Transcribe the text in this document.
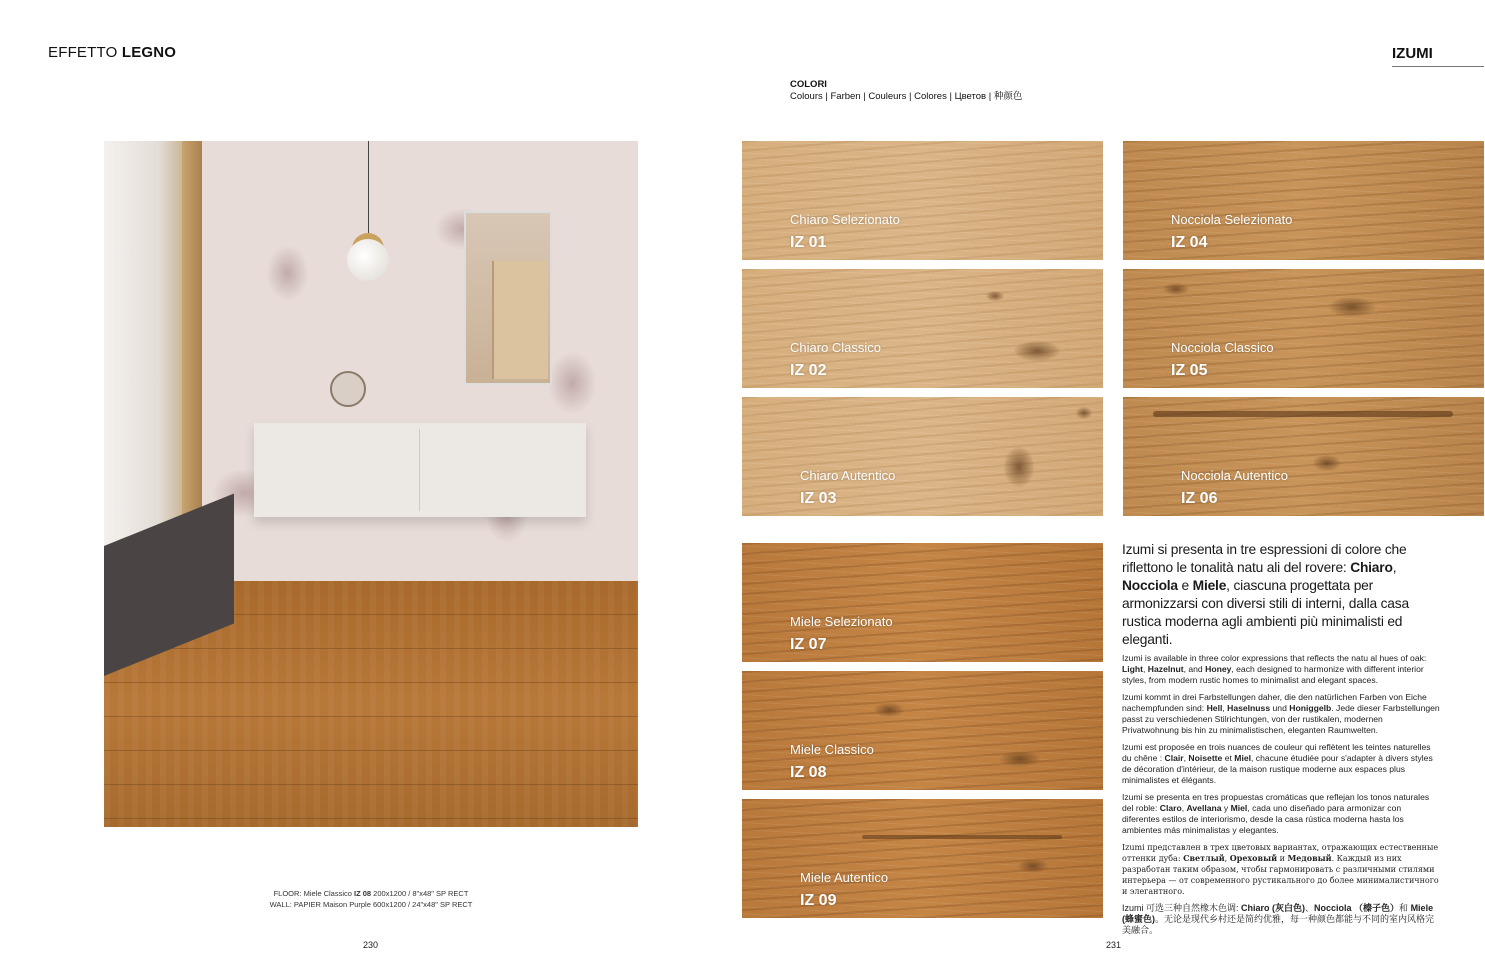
EFFETTO LEGNO	IZUMI
COLORI
Colours | Farben | Couleurs | Colores | Цветов | 种颜色
FLOOR: Miele Classico IZ 08 200x1200 / 8"x48" SP RECT
WALL: PAPIER Maison Purple 600x1200 / 24"x48" SP RECT
230	231
Chiaro Selezionato
IZ 01
Chiaro Classico
IZ 02
Chiaro Autentico
IZ 03
Nocciola Selezionato
IZ 04
Nocciola Classico
IZ 05
Nocciola Autentico
IZ 06
Miele Selezionato
IZ 07
Miele Classico
IZ 08
Miele Autentico
IZ 09

Izumi si presenta in tre espressioni di colore che riflettono le tonalità natu ali del rovere: Chiaro, Nocciola e Miele, ciascuna progettata per armonizzarsi con diversi stili di interni, dalla casa rustica moderna agli ambienti più minimalisti ed eleganti.

Izumi is available in three color expressions that reflects the natu al hues of oak: Light, Hazelnut, and Honey, each designed to harmonize with different interior styles, from modern rustic homes to minimalist and elegant spaces.

Izumi kommt in drei Farbstellungen daher, die den natürlichen Farben von Eiche nachempfunden sind: Hell, Haselnuss und Honiggelb. Jede dieser Farbstellungen passt zu verschiedenen Stilrichtungen, von der rustikalen, modernen Privatwohnung bis hin zu minimalistischen, eleganten Raumwelten.

Izumi est proposée en trois nuances de couleur qui reflètent les teintes naturelles du chêne : Clair, Noisette et Miel, chacune étudiée pour s'adapter à divers styles de décoration d'intérieur, de la maison rustique moderne aux espaces plus minimalistes et élégants.

Izumi se presenta en tres propuestas cromáticas que reflejan los tonos naturales del roble: Claro, Avellana y Miel, cada uno diseñado para armonizar con diferentes estilos de interiorismo, desde la casa rústica moderna hasta los ambientes más minimalistas y elegantes.

Izumi представлен в трех цветовых вариантах, отражающих естественные оттенки дуба: Светлый, Ореховый и Медовый. Каждый из них разработан таким образом, чтобы гармонировать с различными стилями интерьера — от современного рустикального до более минималистичного и элегантного.

Izumi 可选三种自然橡木色调: Chiaro (灰白色)、Nocciola （榛子色）和 Miele (蜂蜜色)。无论是现代乡村还是简约优雅，每一种颜色都能与不同的室内风格完美融合。
